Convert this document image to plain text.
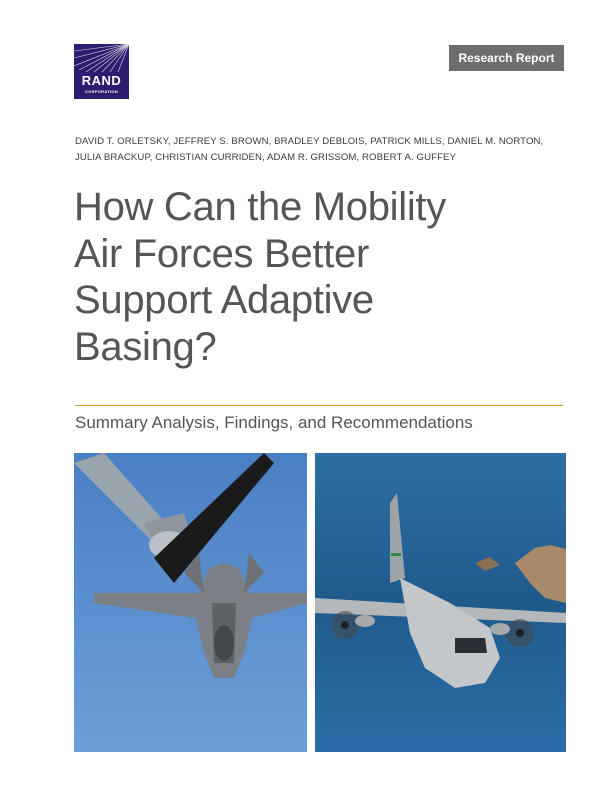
RAND
CORPORATION
Research Report
DAVID T. ORLETSKY, JEFFREY S. BROWN, BRADLEY DEBLOIS, PATRICK MILLS, DANIEL M. NORTON,
JULIA BRACKUP, CHRISTIAN CURRIDEN, ADAM R. GRISSOM, ROBERT A. GUFFEY
How Can the Mobility
Air Forces Better
Support Adaptive
Basing?
Summary Analysis, Findings, and Recommendations
